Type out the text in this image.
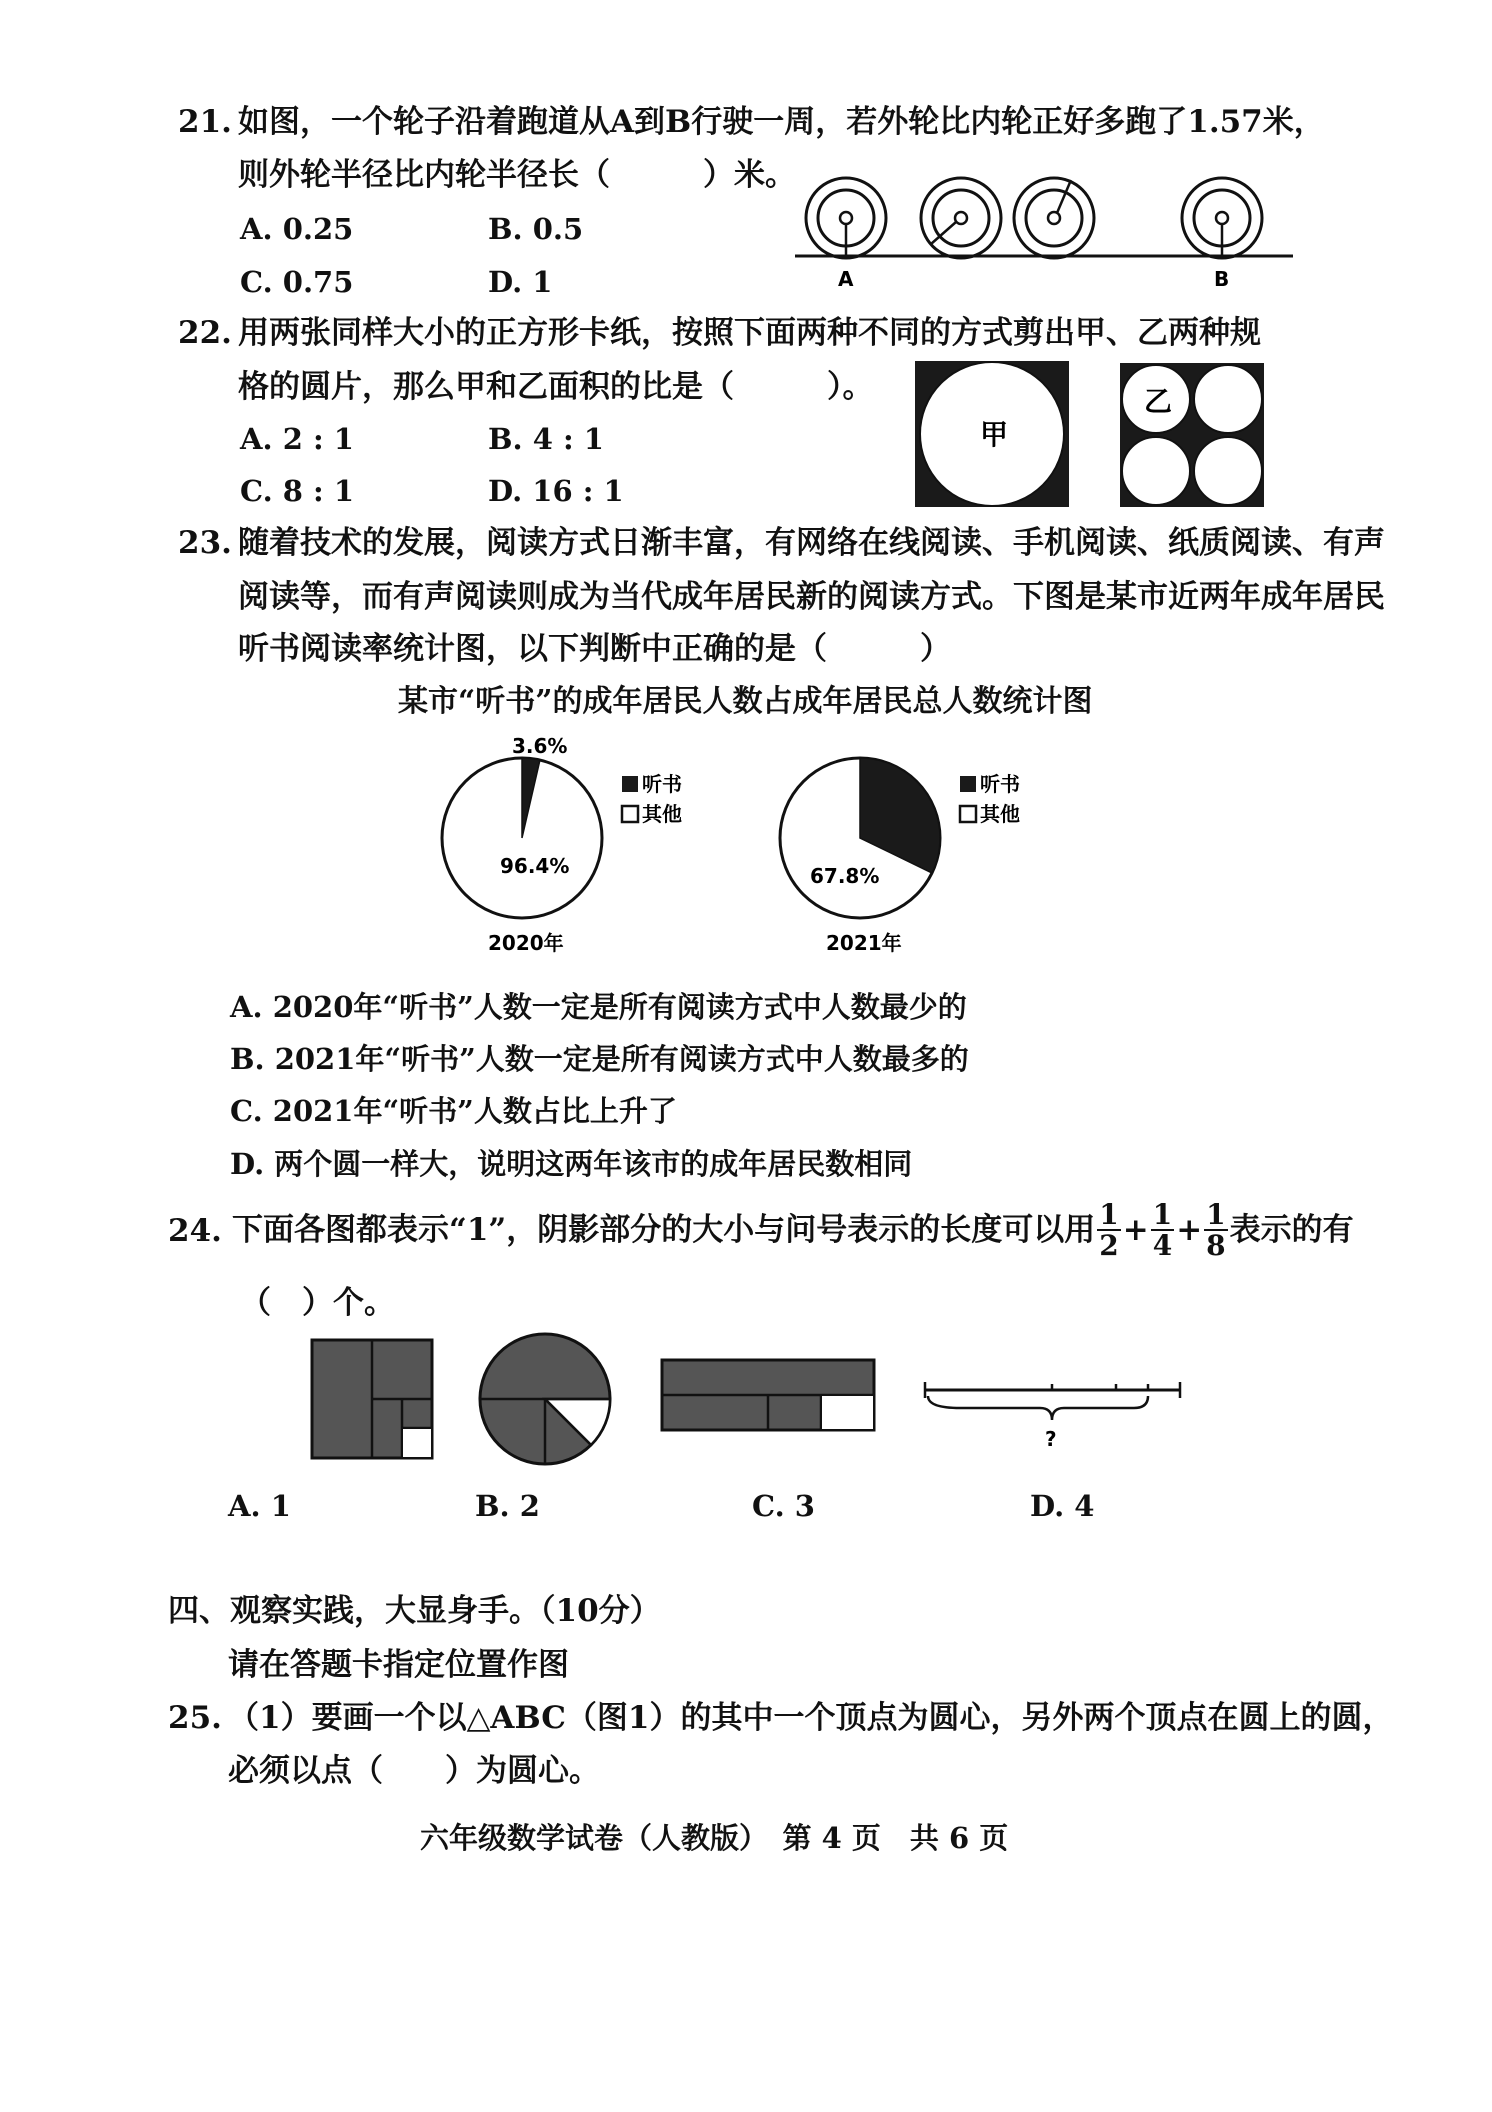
21. 如图，一个轮子沿着跑道从A到B行驶一周，若外轮比内轮正好多跑了1.57米，
则外轮半径比内轮半径长（　　　）米。
A. 0.25	B. 0.5
C. 0.75	D. 1	A	B
22. 用两张同样大小的正方形卡纸，按照下面两种不同的方式剪出甲、乙两种规
格的圆片，那么甲和乙面积的比是（　　　）。
A. 2 : 1	B. 4 : 1
C. 8 : 1	D. 16 : 1
甲
乙
23. 随着技术的发展，阅读方式日渐丰富，有网络在线阅读、手机阅读、纸质阅读、有声
阅读等，而有声阅读则成为当代成年居民新的阅读方式。下图是某市近两年成年居民
听书阅读率统计图，以下判断中正确的是（　　　）
某市“听书”的成年居民人数占成年居民总人数统计图
3.6%
96.4%
2020年
听书
其他
67.8%
2021年
听书
其他
A. 2020年“听书”人数一定是所有阅读方式中人数最少的
B. 2021年“听书”人数一定是所有阅读方式中人数最多的
C. 2021年“听书”人数占比上升了
D. 两个圆一样大，说明这两年该市的成年居民数相同
24. 下面各图都表示“1”，阴影部分的大小与问号表示的长度可以用 $\frac{1}{2} + \frac{1}{4} + \frac{1}{8}$ 表示的有
（　）个。
?
A. 1	B. 2	C. 3	D. 4
四、观察实践，大显身手。（10分）
请在答题卡指定位置作图
25. （1）要画一个以△ABC（图1）的其中一个顶点为圆心，另外两个顶点在圆上的圆，
必须以点（　　）为圆心。
六年级数学试卷（人教版）　第 4 页　共 6 页
